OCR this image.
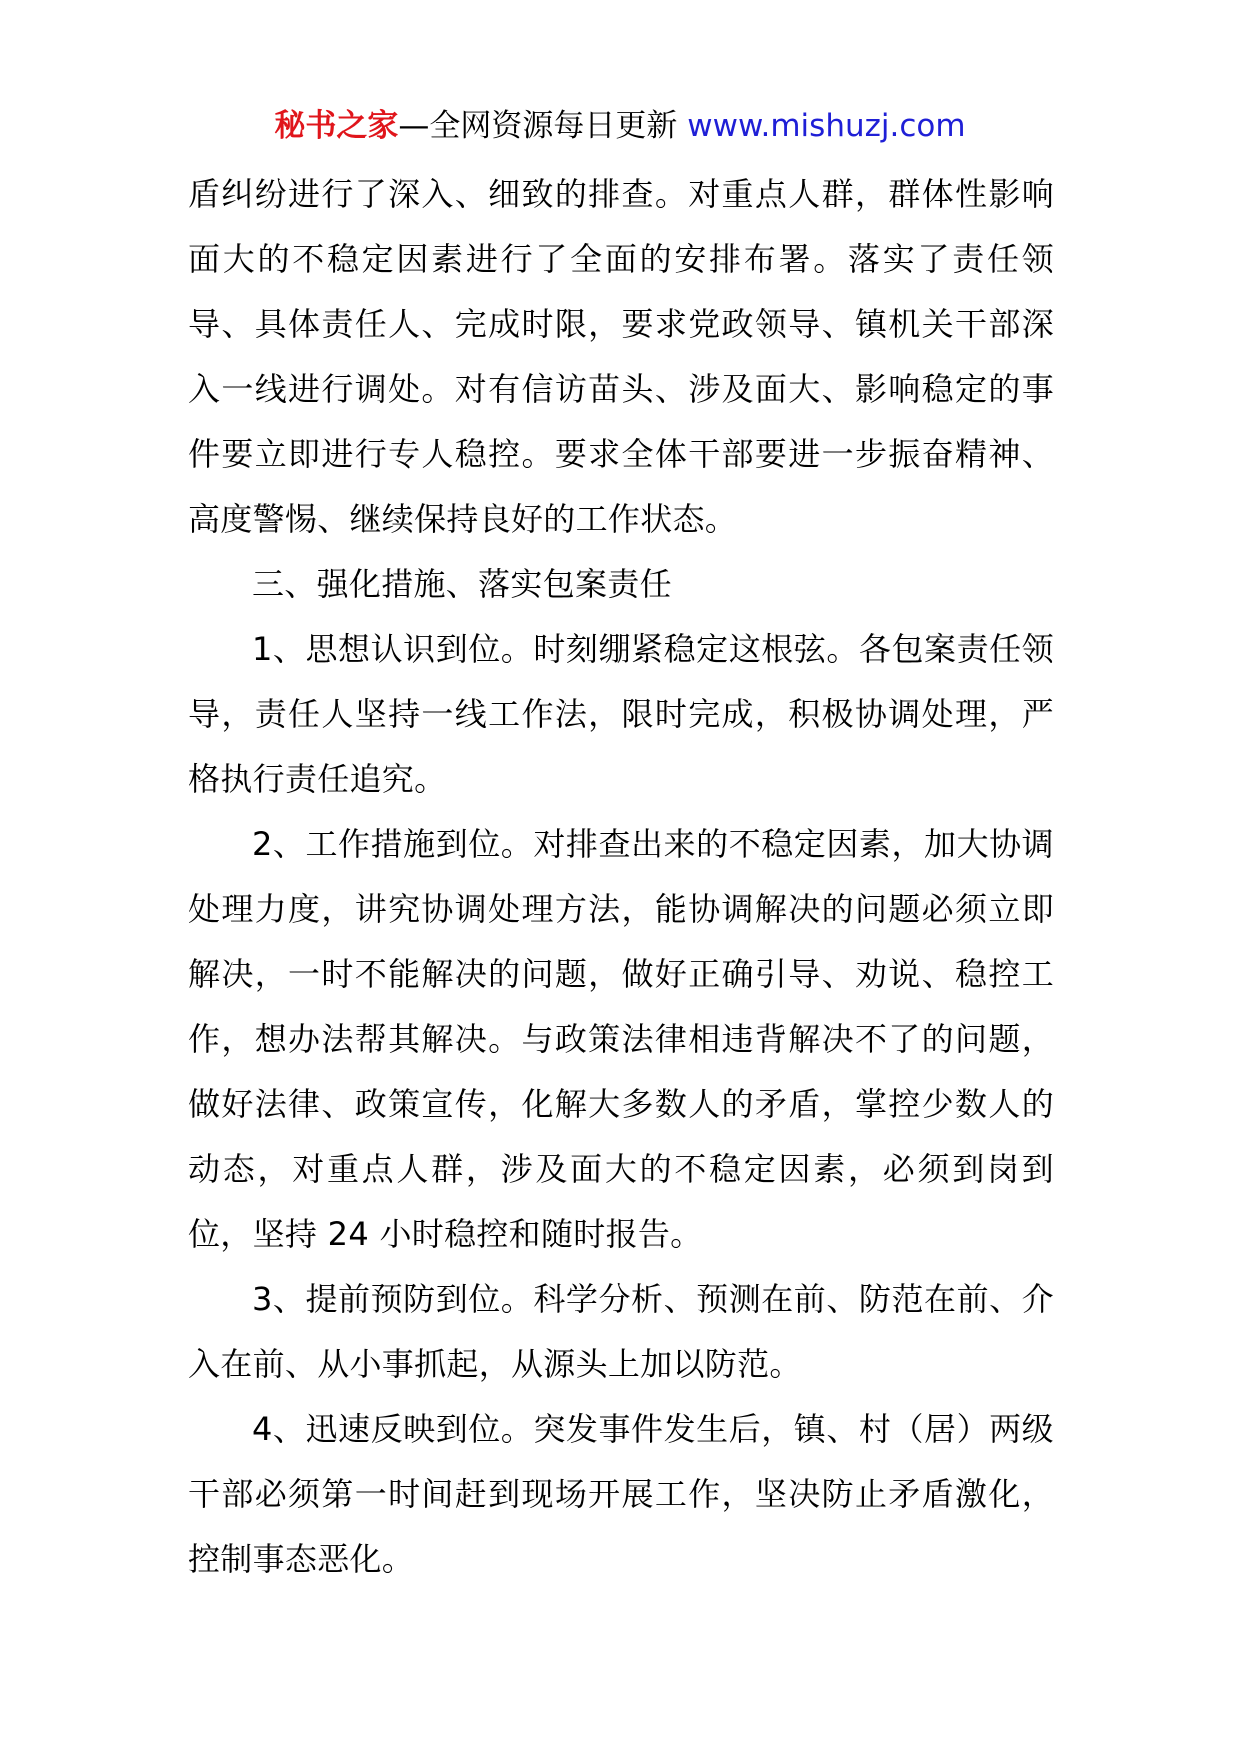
秘书之家—全网资源每日更新 www.mishuzj.com

盾纠纷进行了深入、细致的排查。对重点人群，群体性影响面大的不稳定因素进行了全面的安排布署。落实了责任领导、具体责任人、完成时限，要求党政领导、镇机关干部深入一线进行调处。对有信访苗头、涉及面大、影响稳定的事件要立即进行专人稳控。要求全体干部要进一步振奋精神、高度警惕、继续保持良好的工作状态。

三、强化措施、落实包案责任

1、思想认识到位。时刻绷紧稳定这根弦。各包案责任领导，责任人坚持一线工作法，限时完成，积极协调处理，严格执行责任追究。

2、工作措施到位。对排查出来的不稳定因素，加大协调处理力度，讲究协调处理方法，能协调解决的问题必须立即解决，一时不能解决的问题，做好正确引导、劝说、稳控工作，想办法帮其解决。与政策法律相违背解决不了的问题，做好法律、政策宣传，化解大多数人的矛盾，掌控少数人的动态，对重点人群，涉及面大的不稳定因素，必须到岗到位，坚持 24 小时稳控和随时报告。

3、提前预防到位。科学分析、预测在前、防范在前、介入在前、从小事抓起，从源头上加以防范。

4、迅速反映到位。突发事件发生后，镇、村（居）两级干部必须第一时间赶到现场开展工作，坚决防止矛盾激化，控制事态恶化。
